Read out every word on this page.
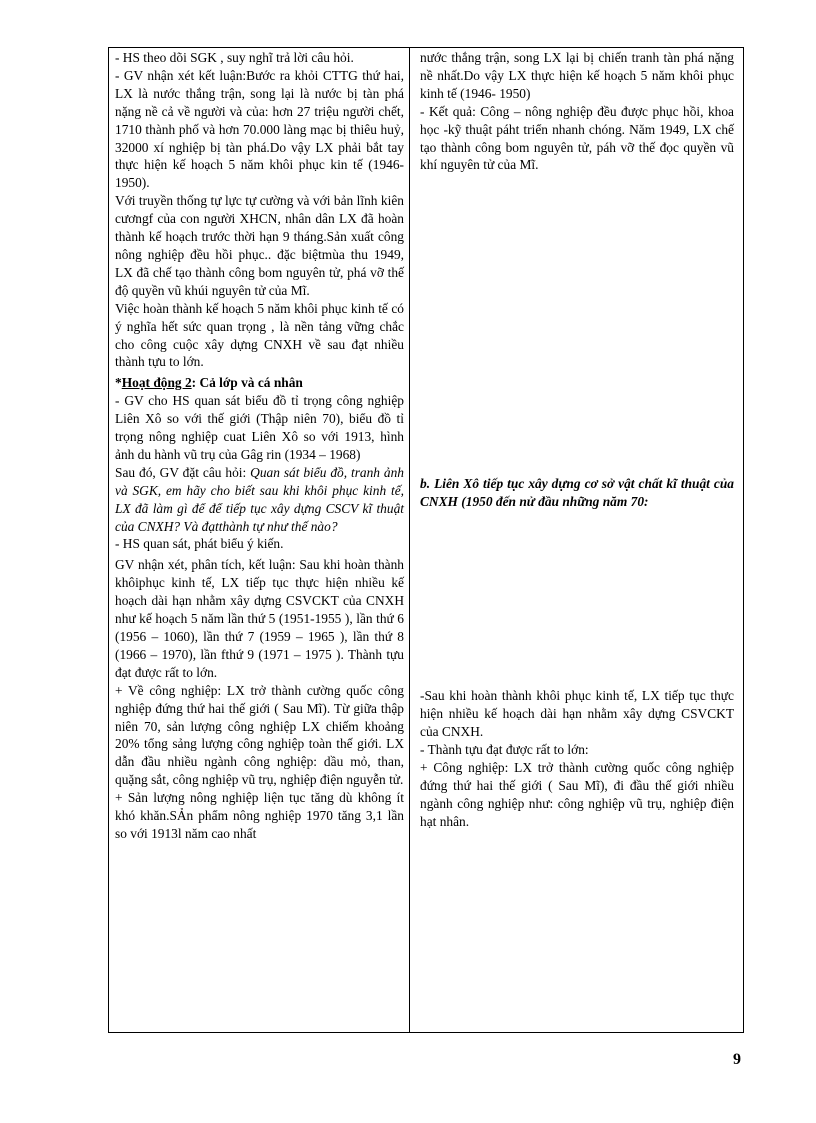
- HS theo dõi SGK , suy nghĩ trả lời câu hỏi.

- GV nhận xét kết luận:Bước ra khỏi CTTG thứ hai, LX là nước thắng trận, song lại là nước bị tàn phá nặng nề cả về người và của: hơn 27 triệu người chết, 1710 thành phố và hơn 70.000 làng mạc bị thiêu huỷ, 32000 xí nghiệp bị tàn phá.Do vậy LX phải bắt tay thực hiện kế hoạch 5 năm khôi phục kin tế (1946-1950).

Với truyền thống tự lực tự cường và với bản lĩnh kiên cươngf của con người XHCN, nhân dân LX đã hoàn thành kế hoạch trước thời hạn 9 tháng.Sản xuất công nông nghiệp đều hồi phục.. đặc biệtmùa thu 1949, LX đã chế tạo thành công bom nguyên tử, phá vỡ thế độ quyền vũ khúi nguyên tử của Mĩ.

Việc hoàn thành kế hoạch 5 năm khôi phục kinh tế có ý nghĩa hết sức quan trọng , là nền tảng vững chắc cho công cuộc xây dựng CNXH về sau đạt nhiều thành tựu to lớn.

*Hoạt động 2: Cả lớp và cá nhân

- GV cho HS quan sát biểu đồ tỉ trọng công nghiệp Liên Xô so với thế giới (Thập niên 70), biểu đồ tỉ trọng nông nghiệp cuat Liên Xô so với 1913, hình ảnh du hành vũ trụ của Gâg rin (1934 – 1968)

Sau đó, GV đặt câu hỏi: Quan sát biểu đồ, tranh ảnh và SGK, em hãy cho biết sau khi khôi phục kinh tế, LX đã làm gì để để tiếp tục xây dựng CSCV kĩ thuật của CNXH? Và đạtthành tự như thế nào?

- HS quan sát, phát biểu ý kiến.

GV nhận xét, phân tích, kết luận: Sau khi hoàn thành khôiphục kinh tế, LX tiếp tục thực hiện nhiều kế hoạch dài hạn nhằm xây dựng CSVCKT của CNXH như kế hoạch 5 năm lần thứ 5 (1951-1955 ), lần thứ 6 (1956 – 1060), lần thứ 7 (1959 – 1965 ), lần thứ 8 (1966 – 1970), lần fthứ 9 (1971 – 1975 ). Thành tựu đạt được rất to lớn.

+ Về công nghiệp: LX trở thành cường quốc công nghiệp đứng thứ hai thế giới ( Sau Mĩ). Từ giữa thập niên 70, sản lượng công nghiệp LX chiếm khoảng 20% tổng sảng lượng công nghiệp toàn thế giới. LX dẫn đầu nhiều ngành công nghiệp: dầu mỏ, than, quặng sắt, công nghiệp vũ trụ, nghiệp điện nguyễn tử.

+ Sản lượng nông nghiệp liện tục tăng dù không ít khó khăn.SẢn phẩm nông nghiệp 1970 tăng 3,1 lần so với 1913l năm cao nhất

nước thắng trận, song LX lại bị chiến tranh tàn phá nặng nề nhất.Do vậy LX thực hiện kế hoạch 5 năm khôi phục kinh tế (1946- 1950)

- Kết quả: Công – nông nghiệp đều được phục hồi, khoa học -kỹ thuật páht triển nhanh chóng. Năm 1949, LX chế tạo thành công bom nguyên tử, páh vỡ thế đọc quyền vũ khí nguyên tử của Mĩ.

b. Liên Xô tiếp tục xây dựng cơ sở vật chất kĩ thuật của CNXH (1950 đến nử đầu những năm 70:

-Sau khi hoàn thành khôi phục kinh tế, LX tiếp tục thực hiện nhiều kế hoạch dài hạn nhằm xây dựng CSVCKT của CNXH.

- Thành tựu đạt được rất to lớn:

+ Công nghiệp: LX trở thành cường quốc công nghiệp đứng thứ hai thế giới ( Sau Mĩ), đi đầu thế giới nhiều ngành công nghiệp như: công nghiệp vũ trụ, nghiệp điện hạt nhân.

9
